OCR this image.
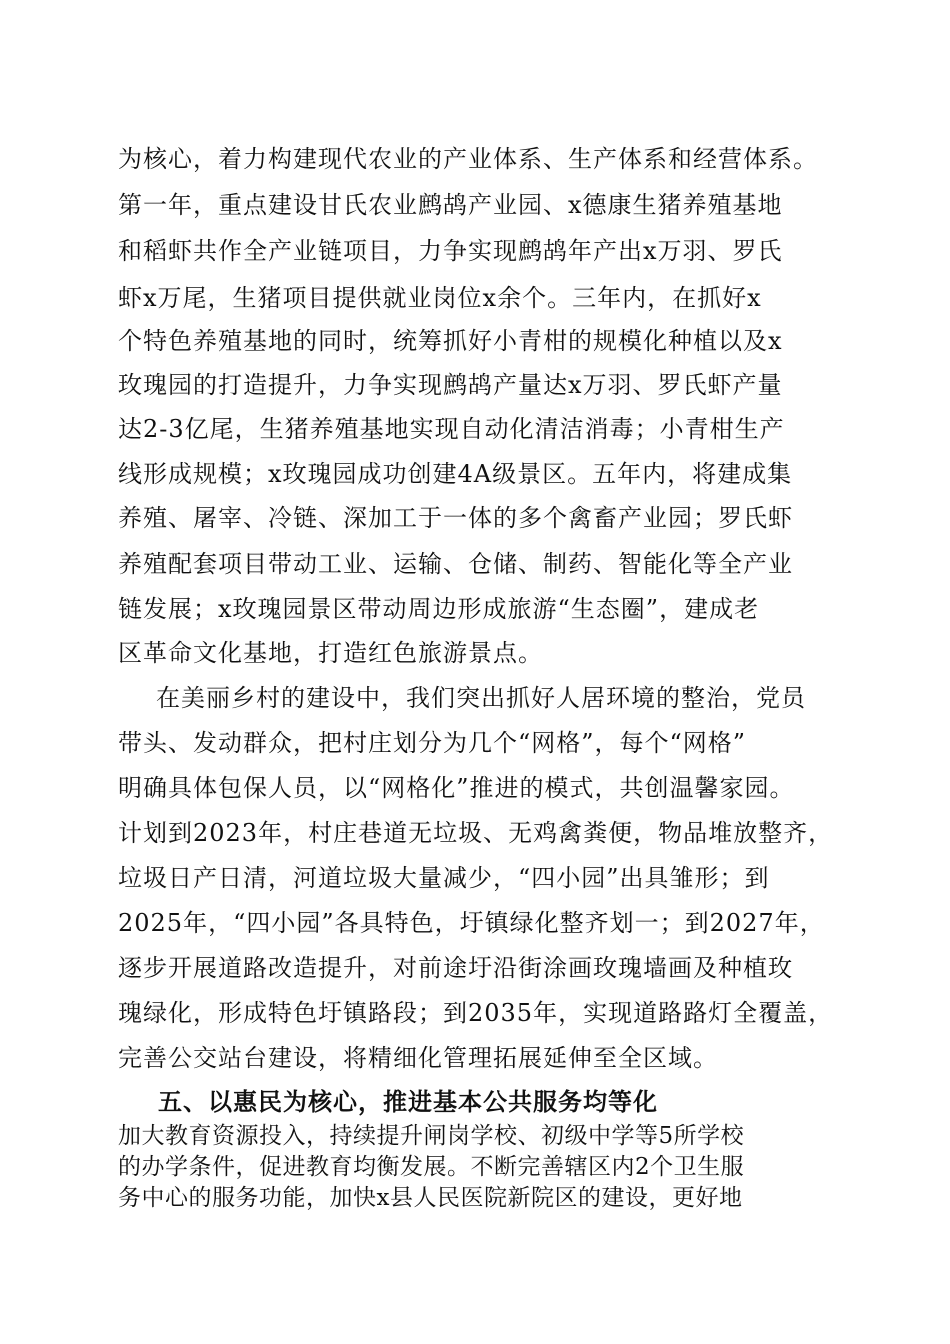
为核心，着力构建现代农业的产业体系、生产体系和经营体系。
第一年，重点建设甘氏农业鹧鸪产业园、x德康生猪养殖基地
和稻虾共作全产业链项目，力争实现鹧鸪年产出x万羽、罗氏
虾x万尾，生猪项目提供就业岗位x余个。三年内，在抓好x
个特色养殖基地的同时，统筹抓好小青柑的规模化种植以及x
玫瑰园的打造提升，力争实现鹧鸪产量达x万羽、罗氏虾产量
达2-3亿尾，生猪养殖基地实现自动化清洁消毒；小青柑生产
线形成规模；x玫瑰园成功创建4A级景区。五年内，将建成集
养殖、屠宰、冷链、深加工于一体的多个禽畜产业园；罗氏虾
养殖配套项目带动工业、运输、仓储、制药、智能化等全产业
链发展；x玫瑰园景区带动周边形成旅游“生态圈”，建成老
区革命文化基地，打造红色旅游景点。
在美丽乡村的建设中，我们突出抓好人居环境的整治，党员
带头、发动群众，把村庄划分为几个“网格”，每个“网格”
明确具体包保人员，以“网格化”推进的模式，共创温馨家园。
计划到2023年，村庄巷道无垃圾、无鸡禽粪便，物品堆放整齐，
垃圾日产日清，河道垃圾大量减少，“四小园”出具雏形；到
2025年，“四小园”各具特色，圩镇绿化整齐划一；到2027年，
逐步开展道路改造提升，对前途圩沿街涂画玫瑰墙画及种植玫
瑰绿化，形成特色圩镇路段；到2035年，实现道路路灯全覆盖，
完善公交站台建设，将精细化管理拓展延伸至全区域。
五、以惠民为核心，推进基本公共服务均等化
加大教育资源投入，持续提升闸岗学校、初级中学等5所学校
的办学条件，促进教育均衡发展。不断完善辖区内2个卫生服
务中心的服务功能，加快x县人民医院新院区的建设，更好地
